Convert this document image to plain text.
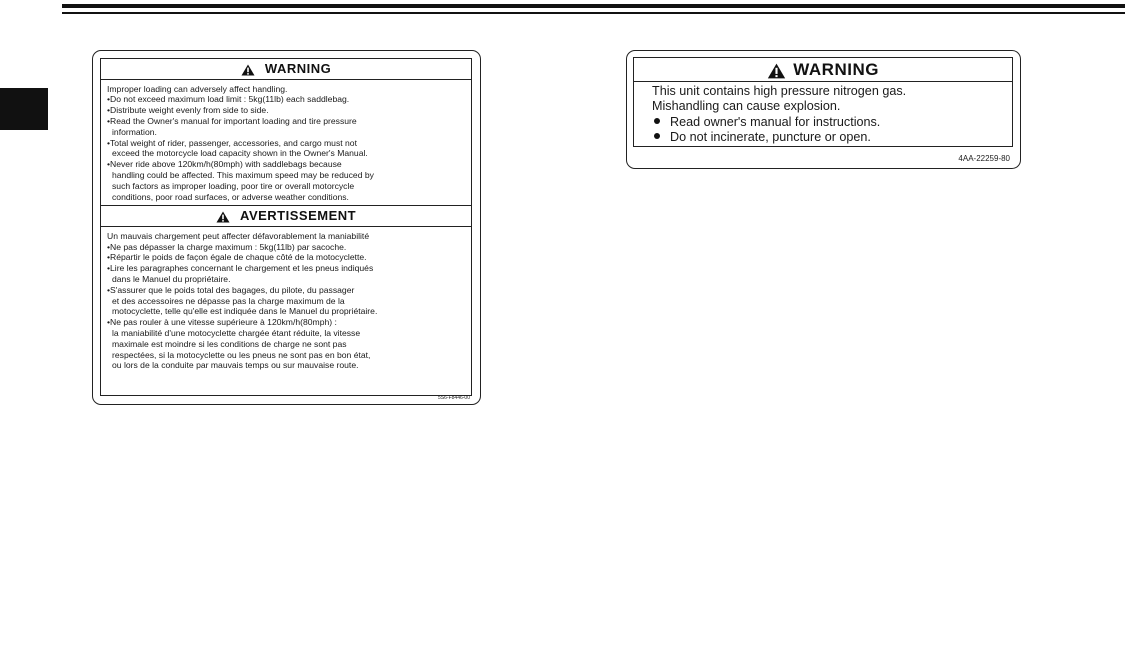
WARNING
Improper loading can adversely affect handling.
•Do not exceed maximum load limit : 5kg(11lb) each saddlebag.
•Distribute weight evenly from side to side.
•Read the Owner's manual for important loading and tire pressure
information.
•Total weight of rider, passenger, accessories, and cargo must not
exceed the motorcycle load capacity shown in the Owner's Manual.
•Never ride above 120km/h(80mph) with saddlebags because
handling could be affected. This maximum speed may be reduced by
such factors as improper loading, poor tire or overall motorcycle
conditions, poor road surfaces, or adverse weather conditions.
AVERTISSEMENT
Un mauvais chargement peut affecter défavorablement la maniabilité
•Ne pas dépasser la charge maximum : 5kg(11lb) par sacoche.
•Répartir le poids de façon égale de chaque côté de la motocyclette.
•Lire les paragraphes concernant le chargement et les pneus indiqués
dans le Manuel du propriétaire.
•S'assurer que le poids total des bagages, du pilote, du passager
et des accessoires ne dépasse pas la charge maximum de la
motocyclette, telle qu'elle est indiquée dans le Manuel du propriétaire.
•Ne pas rouler à une vitesse supérieure à 120km/h(80mph) :
la maniabilité d'une motocyclette chargée étant réduite, la vitesse
maximale est moindre si les conditions de charge ne sont pas
respectées, si la motocyclette ou les pneus ne sont pas en bon état,
ou lors de la conduite par mauvais temps ou sur mauvaise route.
5S6-F8446-00
WARNING
This unit contains high pressure nitrogen gas.
Mishandling can cause explosion.
Read owner's manual for instructions.
Do not incinerate, puncture or open.
4AA-22259-80
